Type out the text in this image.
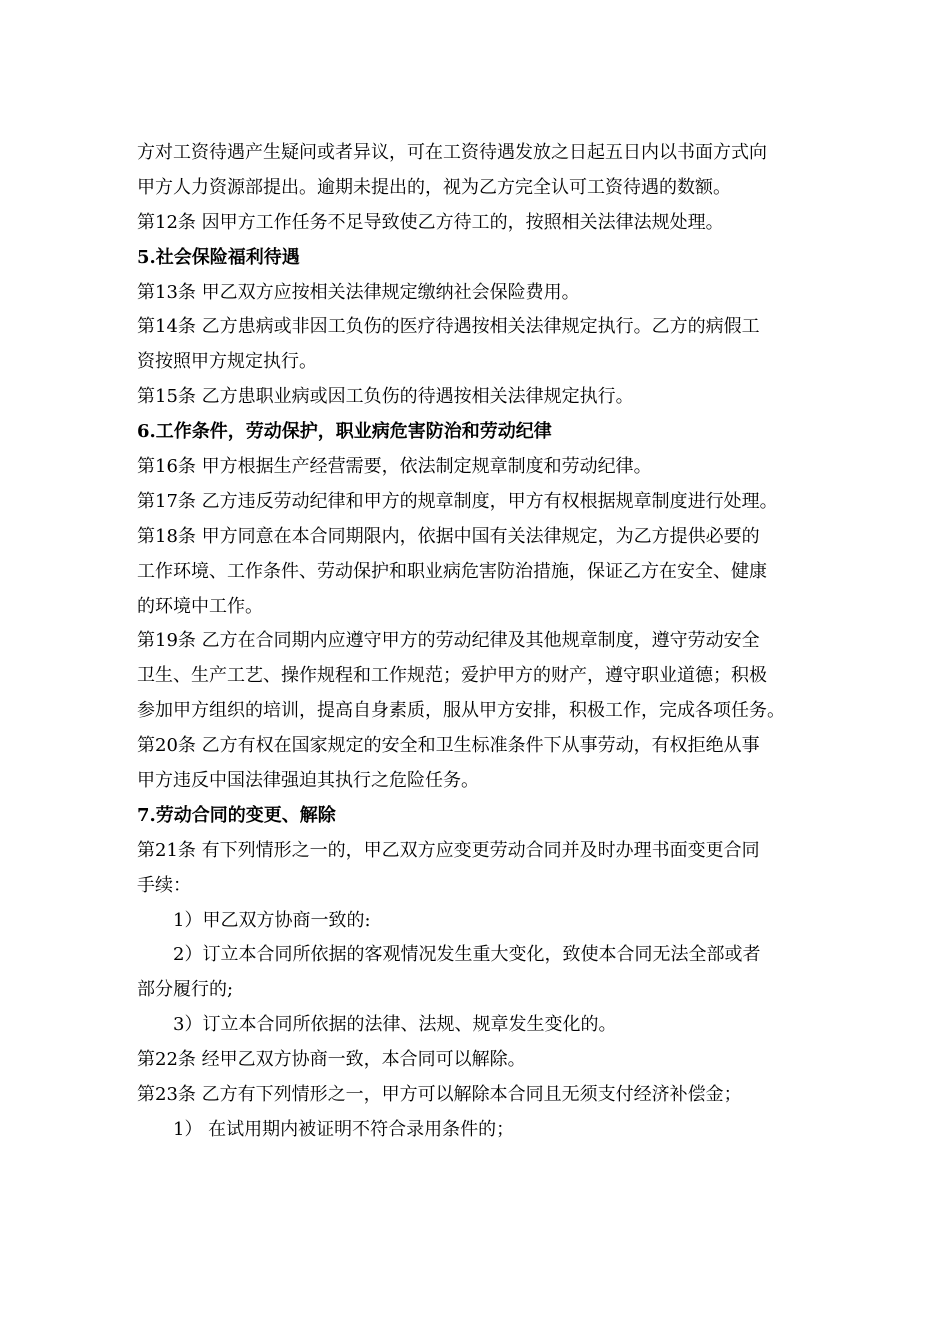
方对工资待遇产生疑问或者异议，可在工资待遇发放之日起五日内以书面方式向
甲方人力资源部提出。逾期未提出的，视为乙方完全认可工资待遇的数额。
第12条 因甲方工作任务不足导致使乙方待工的，按照相关法律法规处理。
5.社会保险福利待遇
第13条 甲乙双方应按相关法律规定缴纳社会保险费用。
第14条 乙方患病或非因工负伤的医疗待遇按相关法律规定执行。乙方的病假工
资按照甲方规定执行。
第15条 乙方患职业病或因工负伤的待遇按相关法律规定执行。
6.工作条件，劳动保护，职业病危害防治和劳动纪律
第16条 甲方根据生产经营需要，依法制定规章制度和劳动纪律。
第17条 乙方违反劳动纪律和甲方的规章制度，甲方有权根据规章制度进行处理。
第18条 甲方同意在本合同期限内，依据中国有关法律规定，为乙方提供必要的
工作环境、工作条件、劳动保护和职业病危害防治措施，保证乙方在安全、健康
的环境中工作。
第19条 乙方在合同期内应遵守甲方的劳动纪律及其他规章制度，遵守劳动安全
卫生、生产工艺、操作规程和工作规范；爱护甲方的财产，遵守职业道德；积极
参加甲方组织的培训，提高自身素质，服从甲方安排，积极工作，完成各项任务。
第20条 乙方有权在国家规定的安全和卫生标准条件下从事劳动，有权拒绝从事
甲方违反中国法律强迫其执行之危险任务。
7.劳动合同的变更、解除
第21条 有下列情形之一的，甲乙双方应变更劳动合同并及时办理书面变更合同
手续：
1）甲乙双方协商一致的:
2）订立本合同所依据的客观情况发生重大变化，致使本合同无法全部或者
部分履行的;
3）订立本合同所依据的法律、法规、规章发生变化的。
第22条 经甲乙双方协商一致，本合同可以解除。
第23条 乙方有下列情形之一，甲方可以解除本合同且无须支付经济补偿金；
1） 在试用期内被证明不符合录用条件的；
